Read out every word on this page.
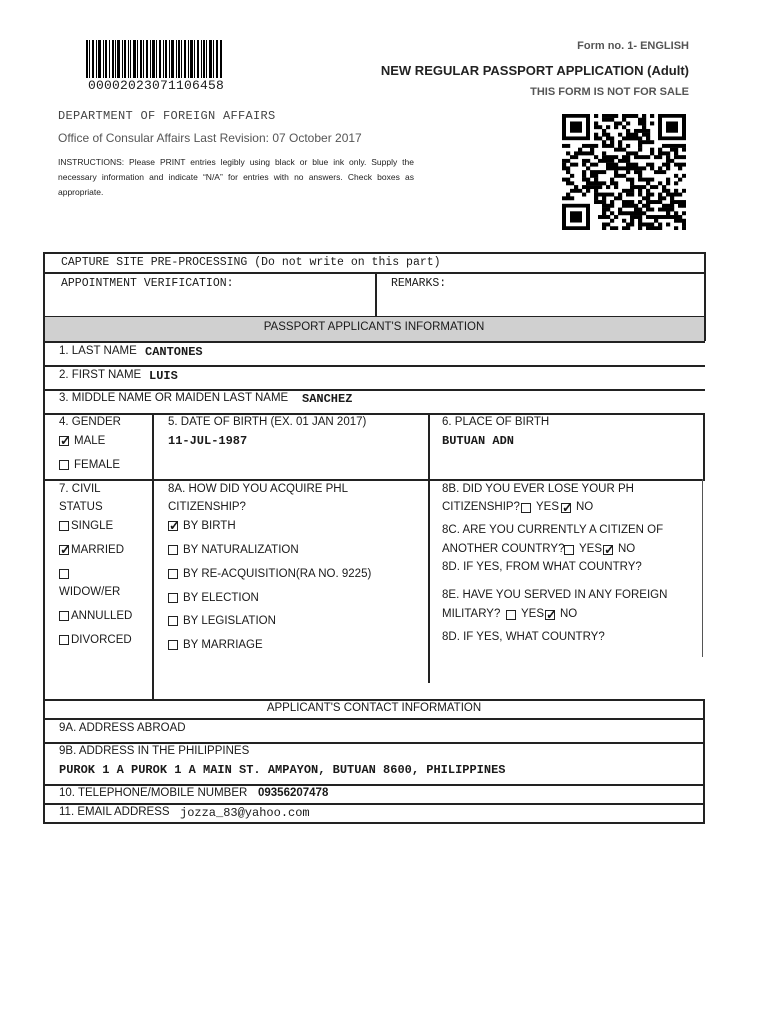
00002023071106458
Form no. 1- ENGLISH
NEW REGULAR PASSPORT APPLICATION (Adult)
THIS FORM IS NOT FOR SALE
DEPARTMENT OF FOREIGN AFFAIRS
Office of Consular Affairs Last Revision: 07 October 2017
INSTRUCTIONS: Please PRINT entries legibly using black or blue ink only. Supply the necessary information and indicate “N/A” for entries with no answers. Check boxes as appropriate.
CAPTURE SITE PRE-PROCESSING (Do not write on this part)
APPOINTMENT VERIFICATION:	REMARKS:
PASSPORT APPLICANT'S INFORMATION
1. LAST NAME CANTONES
2. FIRST NAME LUIS
3. MIDDLE NAME OR MAIDEN LAST NAME SANCHEZ
4. GENDER
✓ MALE
FEMALE
5. DATE OF BIRTH (EX. 01 JAN 2017)
11-JUL-1987
6. PLACE OF BIRTH
BUTUAN ADN
7. CIVIL
STATUS
SINGLE
✓ MARRIED
WIDOW/ER
ANNULLED
DIVORCED
8A. HOW DID YOU ACQUIRE PHL
CITIZENSHIP?
✓ BY BIRTH
BY NATURALIZATION
BY RE-ACQUISITION(RA NO. 9225)
BY ELECTION
BY LEGISLATION
BY MARRIAGE
8B. DID YOU EVER LOSE YOUR PH
CITIZENSHIP? YES ✓ NO
8C. ARE YOU CURRENTLY A CITIZEN OF
ANOTHER COUNTRY? YES ✓ NO
8D. IF YES, FROM WHAT COUNTRY?
8E. HAVE YOU SERVED IN ANY FOREIGN
MILITARY? YES ✓ NO
8D. IF YES, WHAT COUNTRY?
APPLICANT'S CONTACT INFORMATION
9A. ADDRESS ABROAD
9B. ADDRESS IN THE PHILIPPINES
PUROK 1 A PUROK 1 A MAIN ST. AMPAYON, BUTUAN 8600, PHILIPPINES
10. TELEPHONE/MOBILE NUMBER 09356207478
11. EMAIL ADDRESS jozza_83@yahoo.com
